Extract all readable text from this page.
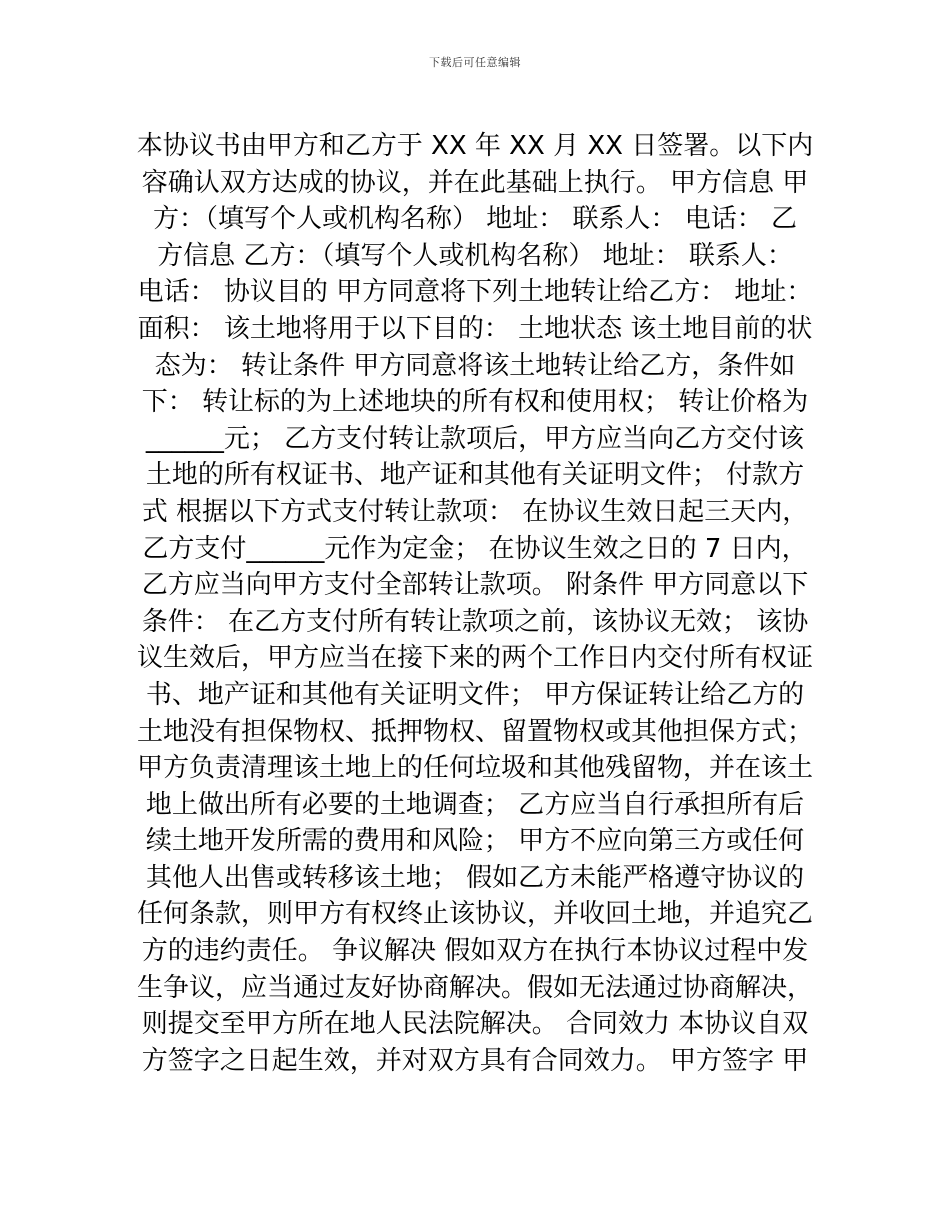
下载后可任意编辑
本协议书由甲方和乙方于 XX 年 XX 月 XX 日签署。以下内
容确认双方达成的协议，并在此基础上执行。 甲方信息 甲
方：（填写个人或机构名称） 地址： 联系人： 电话： 乙
方信息 乙方：（填写个人或机构名称） 地址： 联系人：
电话： 协议目的 甲方同意将下列土地转让给乙方： 地址：
面积： 该土地将用于以下目的： 土地状态 该土地目前的状
态为： 转让条件 甲方同意将该土地转让给乙方，条件如
下： 转让标的为上述地块的所有权和使用权； 转让价格为
______元； 乙方支付转让款项后，甲方应当向乙方交付该
土地的所有权证书、地产证和其他有关证明文件； 付款方
式 根据以下方式支付转让款项： 在协议生效日起三天内，
乙方支付______元作为定金； 在协议生效之日的 7 日内，
乙方应当向甲方支付全部转让款项。 附条件 甲方同意以下
条件： 在乙方支付所有转让款项之前，该协议无效； 该协
议生效后，甲方应当在接下来的两个工作日内交付所有权证
书、地产证和其他有关证明文件； 甲方保证转让给乙方的
土地没有担保物权、抵押物权、留置物权或其他担保方式；
甲方负责清理该土地上的任何垃圾和其他残留物，并在该土
地上做出所有必要的土地调查； 乙方应当自行承担所有后
续土地开发所需的费用和风险； 甲方不应向第三方或任何
其他人出售或转移该土地； 假如乙方未能严格遵守协议的
任何条款，则甲方有权终止该协议，并收回土地，并追究乙
方的违约责任。 争议解决 假如双方在执行本协议过程中发
生争议，应当通过友好协商解决。假如无法通过协商解决，
则提交至甲方所在地人民法院解决。 合同效力 本协议自双
方签字之日起生效，并对双方具有合同效力。 甲方签字 甲
